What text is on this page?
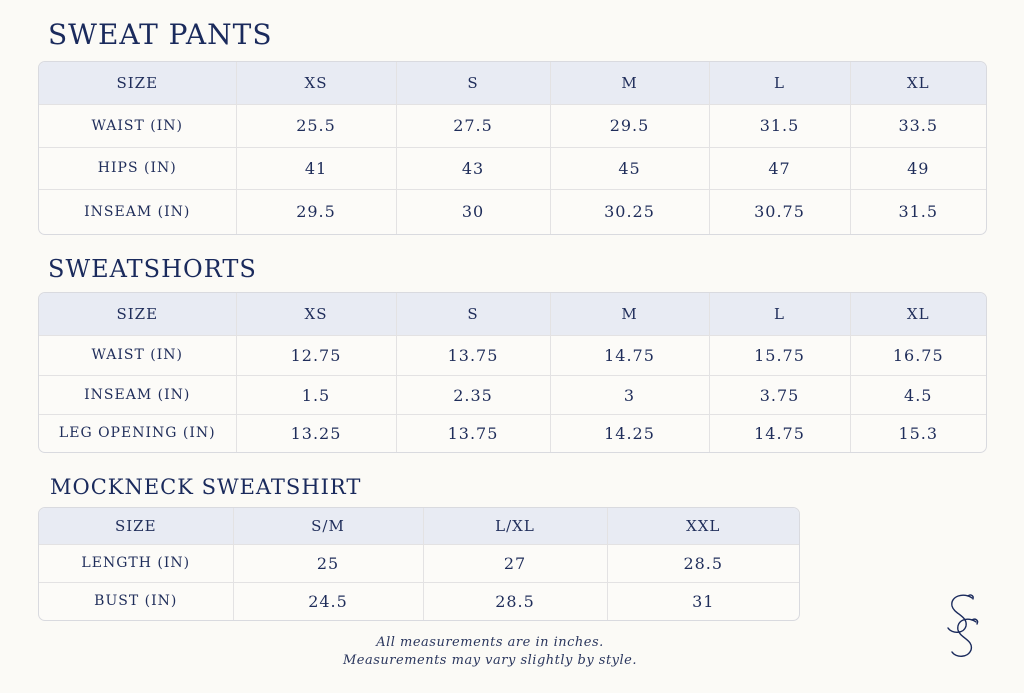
SWEAT PANTS
SIZE	XS	S	M	L	XL
WAIST (IN)	25.5	27.5	29.5	31.5	33.5
HIPS (IN)	41	43	45	47	49
INSEAM (IN)	29.5	30	30.25	30.75	31.5
SWEATSHORTS
SIZE	XS	S	M	L	XL
WAIST (IN)	12.75	13.75	14.75	15.75	16.75
INSEAM (IN)	1.5	2.35	3	3.75	4.5
LEG OPENING (IN)	13.25	13.75	14.25	14.75	15.3
MOCKNECK SWEATSHIRT
SIZE	S/M	L/XL	XXL
LENGTH (IN)	25	27	28.5
BUST (IN)	24.5	28.5	31
All measurements are in inches.
Measurements may vary slightly by style.
